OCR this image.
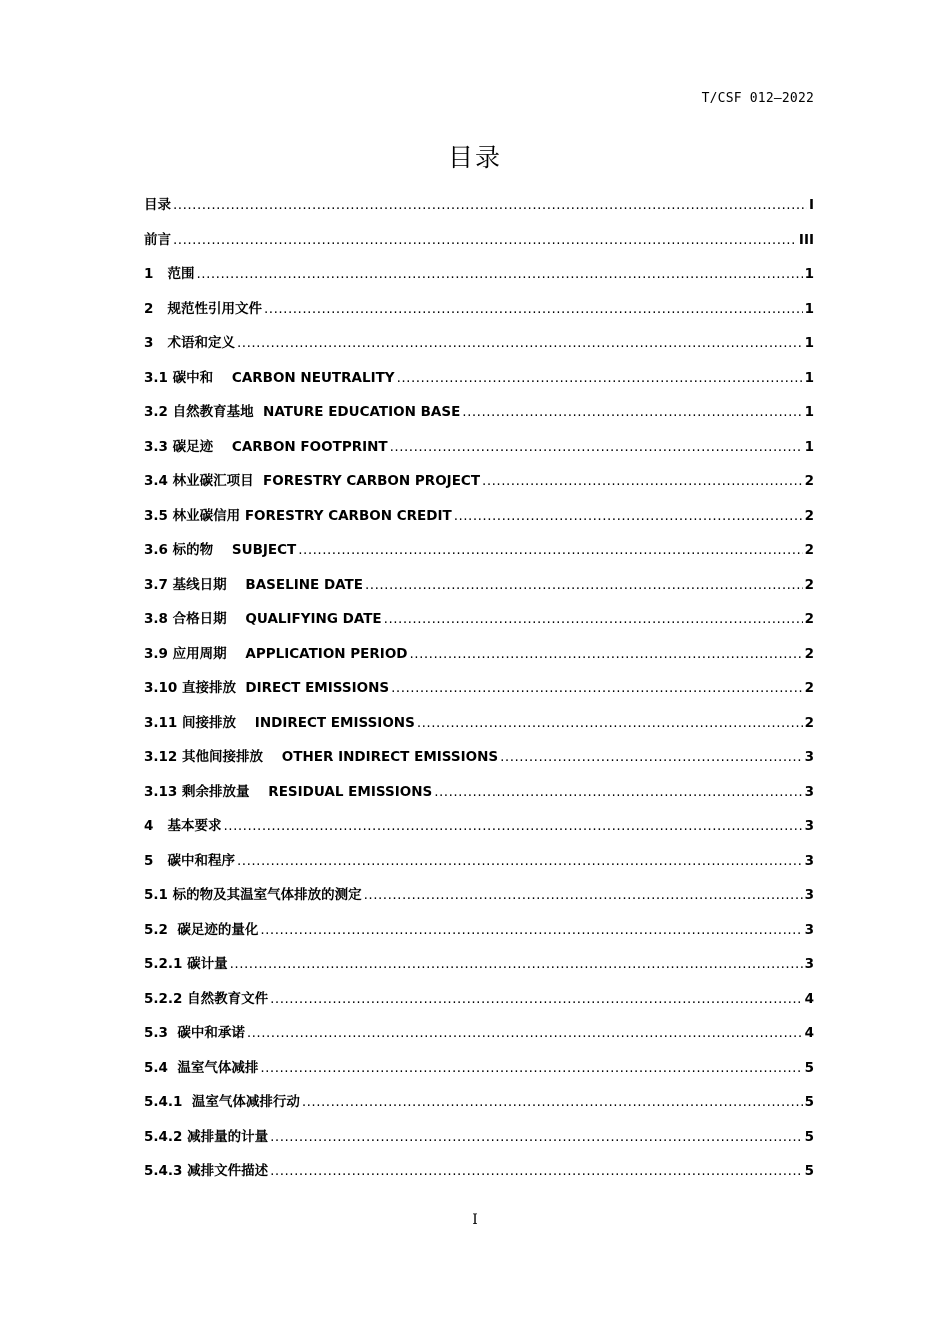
T/CSF 012—2022
目录
目录 .....	I
前言 .....	III
1   范围 .....	1
2   规范性引用文件 .....	1
3   术语和定义 .....	1
3.1 碳中和    CARBON NEUTRALITY .....	1
3.2 自然教育基地  NATURE EDUCATION BASE .....	1
3.3 碳足迹    CARBON FOOTPRINT .....	1
3.4 林业碳汇项目  FORESTRY CARBON PROJECT .....	2
3.5 林业碳信用 FORESTRY CARBON CREDIT .....	2
3.6 标的物    SUBJECT .....	2
3.7 基线日期    BASELINE DATE .....	2
3.8 合格日期    QUALIFYING DATE .....	2
3.9 应用周期    APPLICATION PERIOD .....	2
3.10 直接排放  DIRECT EMISSIONS .....	2
3.11 间接排放    INDIRECT EMISSIONS .....	2
3.12 其他间接排放    OTHER INDIRECT EMISSIONS .....	3
3.13 剩余排放量    RESIDUAL EMISSIONS .....	3
4   基本要求 .....	3
5   碳中和程序 .....	3
5.1 标的物及其温室气体排放的测定 .....	3
5.2  碳足迹的量化 .....	3
5.2.1 碳计量 .....	3
5.2.2 自然教育文件 .....	4
5.3  碳中和承诺 .....	4
5.4  温室气体减排 .....	5
5.4.1  温室气体减排行动 .....	5
5.4.2 减排量的计量 .....	5
5.4.3 减排文件描述 .....	5
I
